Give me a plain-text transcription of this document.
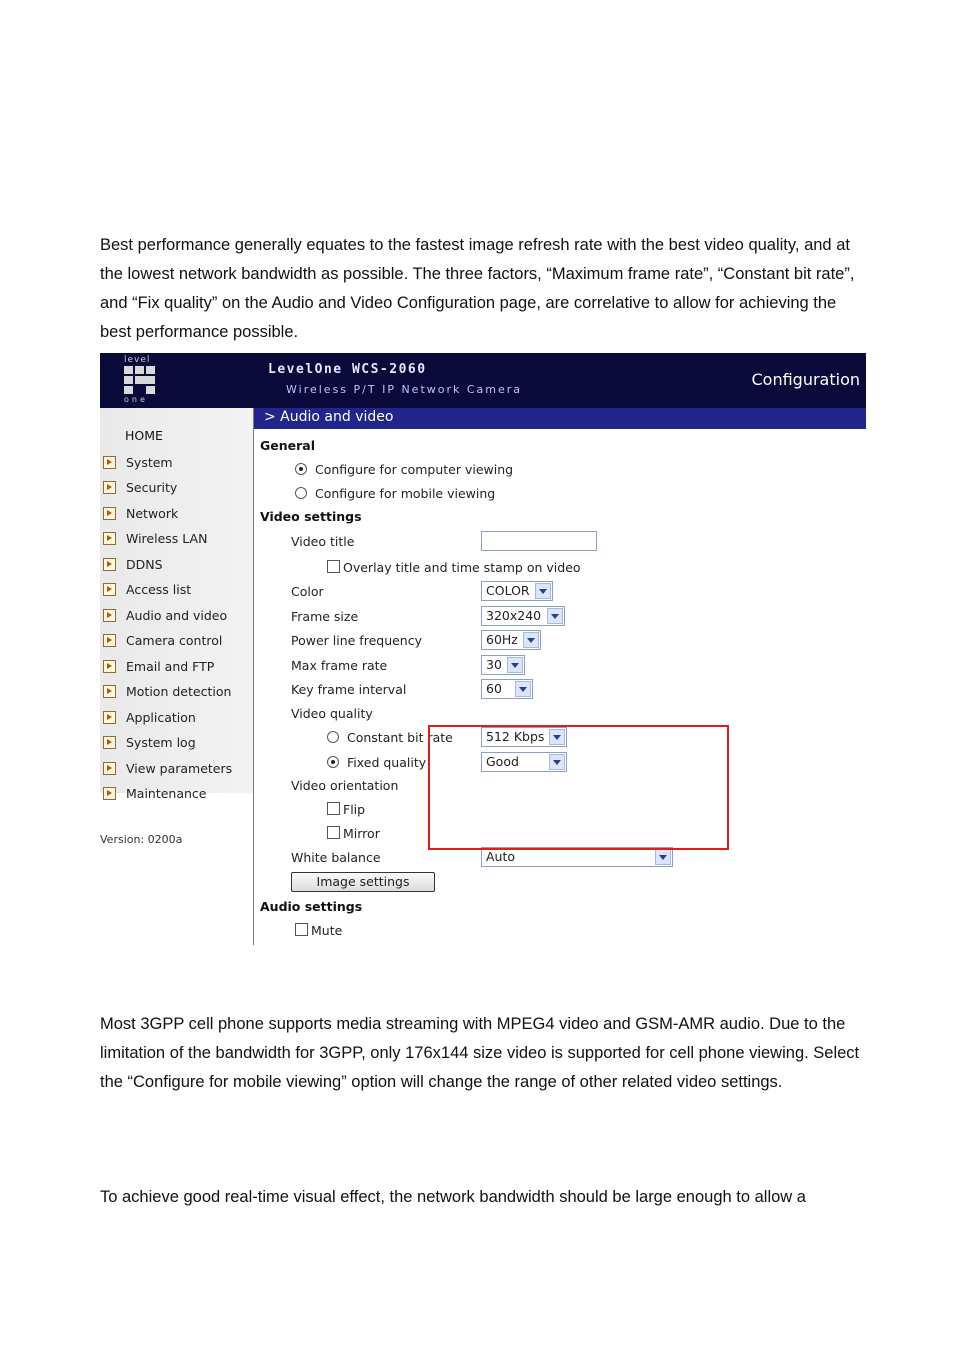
Best performance generally equates to the fastest image refresh rate with the best video quality, and at the lowest network bandwidth as possible. The three factors, “Maximum frame rate”, “Constant bit rate”, and “Fix quality” on the Audio and Video Configuration page, are correlative to allow for achieving the best performance possible.

level
one
LevelOne WCS-2060
Wireless P/T IP Network Camera
Configuration
HOME
System
Security
Network
Wireless LAN
DDNS
Access list
Audio and video
Camera control
Email and FTP
Motion detection
Application
System log
View parameters
Maintenance
Version: 0200a
> Audio and video
General
Configure for computer viewing
Configure for mobile viewing
Video settings
Video title
Overlay title and time stamp on video
Color	COLOR
Frame size	320x240
Power line frequency	60Hz
Max frame rate	30
Key frame interval	60
Video quality
Constant bit rate	512 Kbps
Fixed quality	Good
Video orientation
Flip
Mirror
White balance	Auto
Image settings
Audio settings
Mute

Most 3GPP cell phone supports media streaming with MPEG4 video and GSM-AMR audio. Due to the limitation of the bandwidth for 3GPP, only 176x144 size video is supported for cell phone viewing. Select the “Configure for mobile viewing” option will change the range of other related video settings.

To achieve good real-time visual effect, the network bandwidth should be large enough to allow a
